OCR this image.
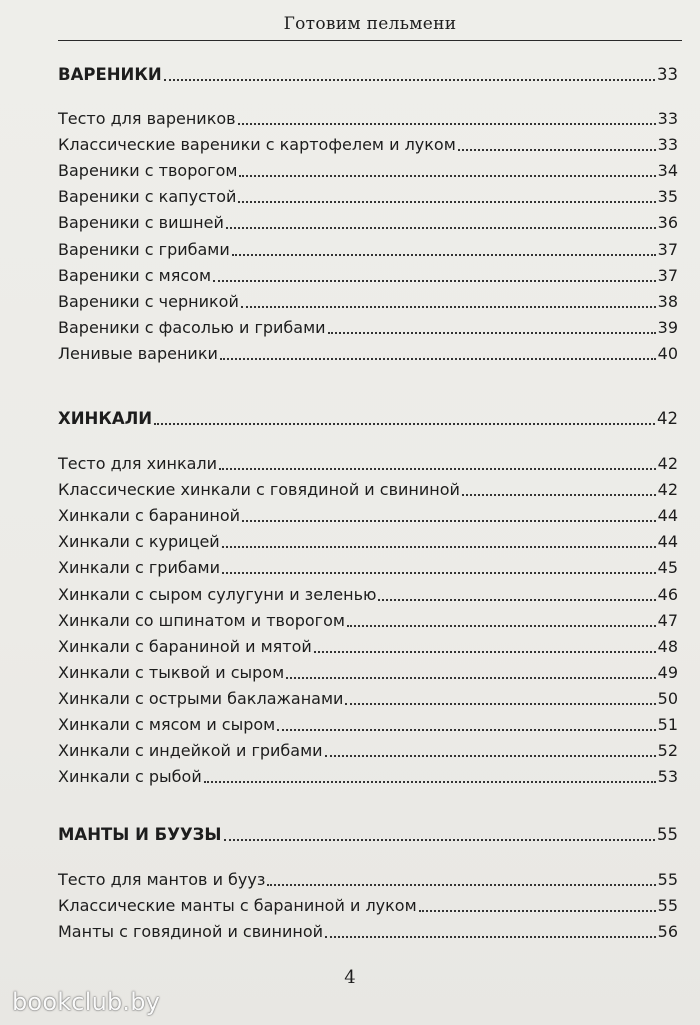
Готовим пельмени
ВАРЕНИКИ	33
Тесто для вареников	33
Классические вареники с картофелем и луком	33
Вареники с творогом	34
Вареники с капустой	35
Вареники с вишней	36
Вареники с грибами	37
Вареники с мясом	37
Вареники с черникой	38
Вареники с фасолью и грибами	39
Ленивые вареники	40
ХИНКАЛИ	42
Тесто для хинкали	42
Классические хинкали с говядиной и свининой	42
Хинкали с бараниной	44
Хинкали с курицей	44
Хинкали с грибами	45
Хинкали с сыром сулугуни и зеленью	46
Хинкали со шпинатом и творогом	47
Хинкали с бараниной и мятой	48
Хинкали с тыквой и сыром	49
Хинкали с острыми баклажанами	50
Хинкали с мясом и сыром	51
Хинкали с индейкой и грибами	52
Хинкали с рыбой	53
МАНТЫ И БУУЗЫ	55
Тесто для мантов и бууз	55
Классические манты с бараниной и луком	55
Манты с говядиной и свининой	56
4
bookclub.by
